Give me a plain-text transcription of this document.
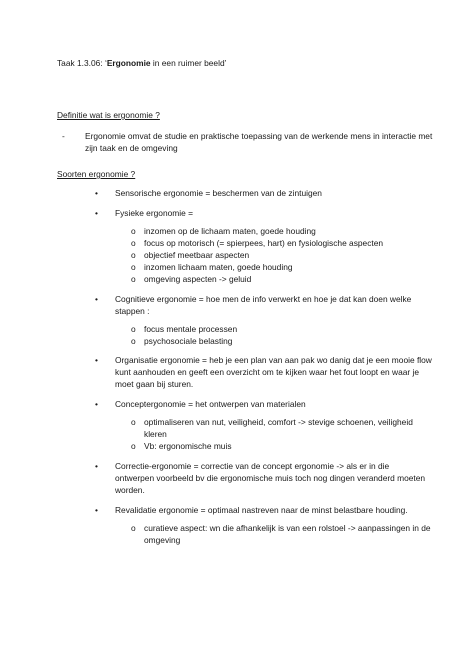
Taak 1.3.06: ‘Ergonomie in een ruimer beeld’
Definitie wat is ergonomie ?
- Ergonomie omvat de studie en praktische toepassing van de werkende mens in interactie met
zijn taak en de omgeving
Soorten ergonomie ?
• Sensorische ergonomie = beschermen van de zintuigen
• Fysieke ergonomie =
o inzomen op de lichaam maten, goede houding
o focus op motorisch (= spierpees, hart) en fysiologische aspecten
o objectief meetbaar aspecten
o inzomen lichaam maten, goede houding
o omgeving aspecten -> geluid
• Cognitieve ergonomie = hoe men de info verwerkt en hoe je dat kan doen welke
stappen :
o focus mentale processen
o psychosociale belasting
• Organisatie ergonomie = heb je een plan van aan pak wo danig dat je een mooie flow
kunt aanhouden en geeft een overzicht om te kijken waar het fout loopt en waar je
moet gaan bij sturen.
• Conceptergonomie = het ontwerpen van materialen
o optimaliseren van nut, veiligheid, comfort -> stevige schoenen, veiligheid
kleren
o Vb: ergonomische muis
• Correctie-ergonomie = correctie van de concept ergonomie -> als er in die
ontwerpen voorbeeld bv die ergonomische muis toch nog dingen veranderd moeten
worden.
• Revalidatie ergonomie = optimaal nastreven naar de minst belastbare houding.
o curatieve aspect: wn die afhankelijk is van een rolstoel -> aanpassingen in de
omgeving
